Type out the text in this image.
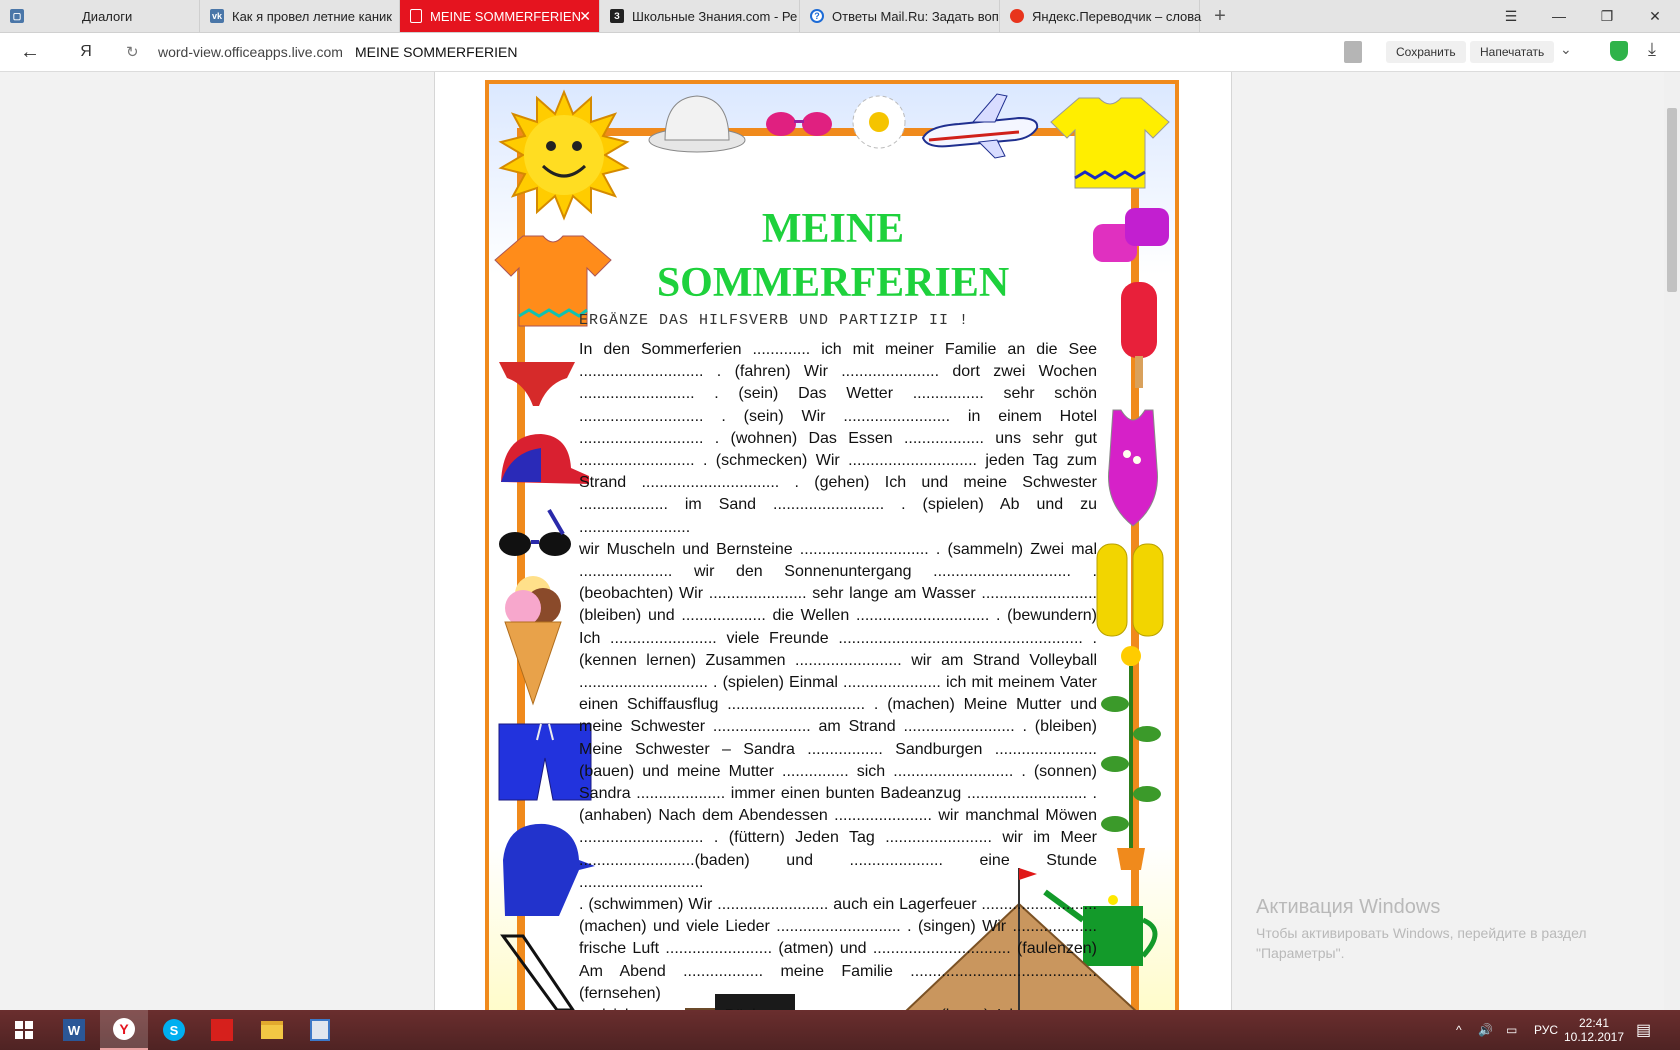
▢	Диалоги	vk Как я провел летние каник	MEINE SOMMERFERIEN
✕	З Школьные Знания.com - Ре	? Ответы Mail.Ru: Задать воп	Яндекс.Переводчик – слова +	☰	—	❐	✕
←	Я	↻ word-view.officeapps.live.com MEINE SOMMERFERIEN	Сохранить	Напечатать	⌄	⤓
MEINE
SOMMERFERIEN
ERGÄNZE DAS HILFSVERB UND PARTIZIP II !
In den Sommerferien ............. ich mit meiner Familie an die See
............................ . (fahren) Wir ...................... dort zwei Wochen
.......................... . (sein) Das Wetter ................ sehr schön
............................ . (sein) Wir ........................ in einem Hotel
............................ . (wohnen) Das Essen .................. uns sehr gut
.......................... . (schmecken) Wir ............................. jeden Tag zum
Strand ............................... . (gehen) Ich und meine Schwester
.................... im Sand ......................... . (spielen) Ab und zu .........................
wir Muscheln und Bernsteine ............................. . (sammeln) Zwei mal
..................... wir den Sonnenuntergang ............................... .
(beobachten) Wir ...................... sehr lange am Wasser ..........................
(bleiben) und ................... die Wellen .............................. . (bewundern)
Ich ........................ viele Freunde ....................................................... .
(kennen lernen) Zusammen ........................ wir am Strand Volleyball
............................. . (spielen) Einmal ...................... ich mit meinem Vater
einen Schiffausflug ............................... . (machen) Meine Mutter und
meine Schwester ...................... am Strand ......................... . (bleiben)
Meine Schwester – Sandra ................. Sandburgen .......................
(bauen) und meine Mutter ............... sich ........................... . (sonnen)
Sandra .................... immer einen bunten Badeanzug ........................... .
(anhaben) Nach dem Abendessen ...................... wir manchmal Möwen
............................ . (füttern) Jeden Tag ........................ wir im Meer
..........................(baden) und ..................... eine Stunde ............................
. (schwimmen) Wir ......................... auch ein Lagerfeuer ..........................
(machen) und viele Lieder ............................ . (singen) Wir ...................
frische Luft ........................ (atmen) und ............................... (faulenzen)
Am Abend .................. meine Familie .......................................... (fernsehen)
Активация Windows
Чтобы активировать Windows, перейдите в раздел
"Параметры".
W	Y	S	^ 🔊 ▭ РУС 22:41
10.12.2017 ▤
